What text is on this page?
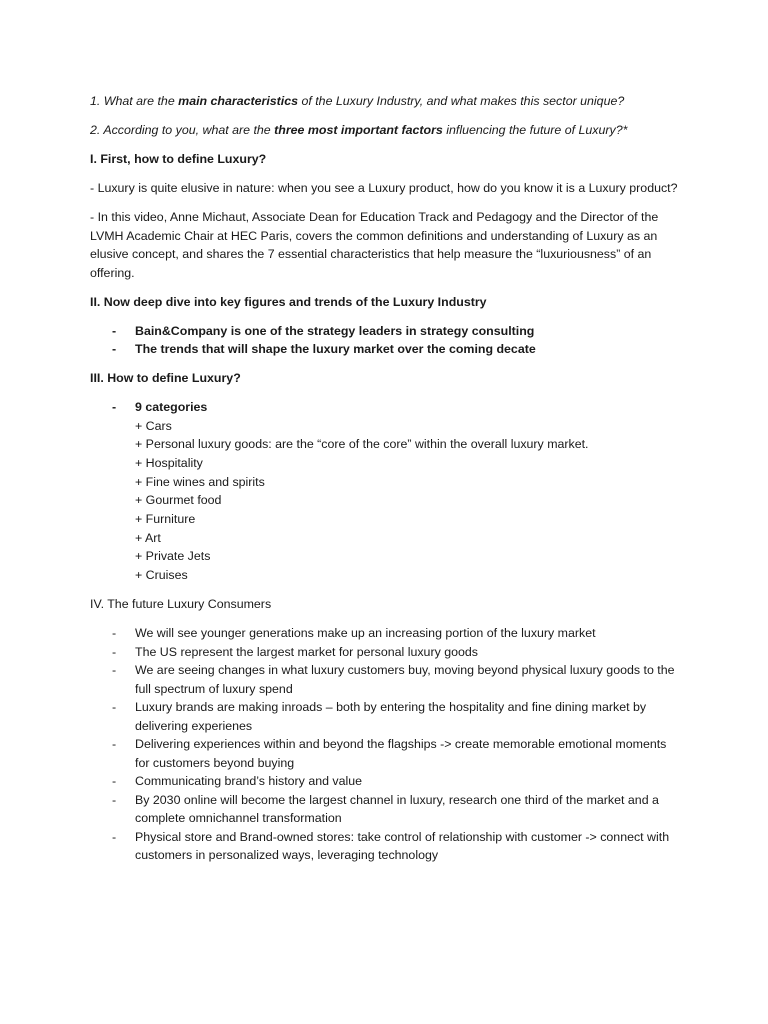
1. What are the main characteristics of the Luxury Industry, and what makes this sector unique?

2. According to you, what are the three most important factors influencing the future of Luxury?*

I. First, how to define Luxury?

- Luxury is quite elusive in nature: when you see a Luxury product, how do you know it is a Luxury product?

- In this video, Anne Michaut, Associate Dean for Education Track and Pedagogy and the Director of the LVMH Academic Chair at HEC Paris, covers the common definitions and understanding of Luxury as an elusive concept, and shares the 7 essential characteristics that help measure the “luxuriousness” of an offering.

II. Now deep dive into key figures and trends of the Luxury Industry

- Bain&Company is one of the strategy leaders in strategy consulting
- The trends that will shape the luxury market over the coming decate

III. How to define Luxury?

- 9 categories
+ Cars
+ Personal luxury goods: are the “core of the core” within the overall luxury market.
+ Hospitality
+ Fine wines and spirits
+ Gourmet food
+ Furniture
+ Art
+ Private Jets
+ Cruises

IV. The future Luxury Consumers

- We will see younger generations make up an increasing portion of the luxury market
- The US represent the largest market for personal luxury goods
- We are seeing changes in what luxury customers buy, moving beyond physical luxury goods to the full spectrum of luxury spend
- Luxury brands are making inroads – both by entering the hospitality and fine dining market by delivering experienes
- Delivering experiences within and beyond the flagships -> create memorable emotional moments for customers beyond buying
- Communicating brand’s history and value
- By 2030 online will become the largest channel in luxury, research one third of the market and a complete omnichannel transformation
- Physical store and Brand-owned stores: take control of relationship with customer -> connect with customers in personalized ways, leveraging technology
